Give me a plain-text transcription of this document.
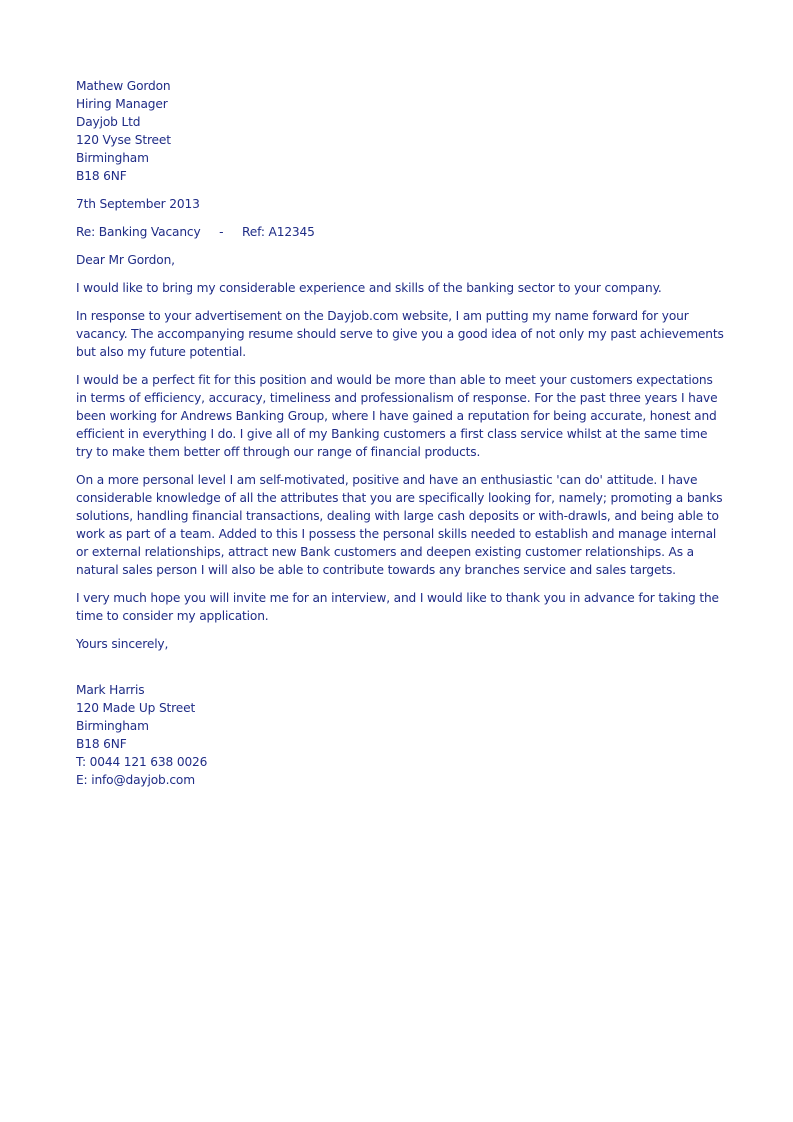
Mathew Gordon
Hiring Manager
Dayjob Ltd
120 Vyse Street
Birmingham
B18 6NF
7th September 2013
Re: Banking Vacancy     -     Ref: A12345
Dear Mr Gordon,

I would like to bring my considerable experience and skills of the banking sector to your company.

In response to your advertisement on the Dayjob.com website, I am putting my name forward for your vacancy. The accompanying resume should serve to give you a good idea of not only my past achievements but also my future potential.

I would be a perfect fit for this position and would be more than able to meet your customers expectations in terms of efficiency, accuracy, timeliness and professionalism of response. For the past three years I have been working for Andrews Banking Group, where I have gained a reputation for being accurate, honest and efficient in everything I do. I give all of my Banking customers a first class service whilst at the same time try to make them better off through our range of financial products.

On a more personal level I am self-motivated, positive and have an enthusiastic 'can do' attitude. I have considerable knowledge of all the attributes that you are specifically looking for, namely; promoting a banks solutions, handling financial transactions, dealing with large cash deposits or with-drawls, and being able to work as part of a team. Added to this I possess the personal skills needed to establish and manage internal or external relationships, attract new Bank customers and deepen existing customer relationships. As a natural sales person I will also be able to contribute towards any branches service and sales targets.

I very much hope you will invite me for an interview, and I would like to thank you in advance for taking the time to consider my application.

Yours sincerely,
Mark Harris
120 Made Up Street
Birmingham
B18 6NF
T: 0044 121 638 0026
E: info@dayjob.com
